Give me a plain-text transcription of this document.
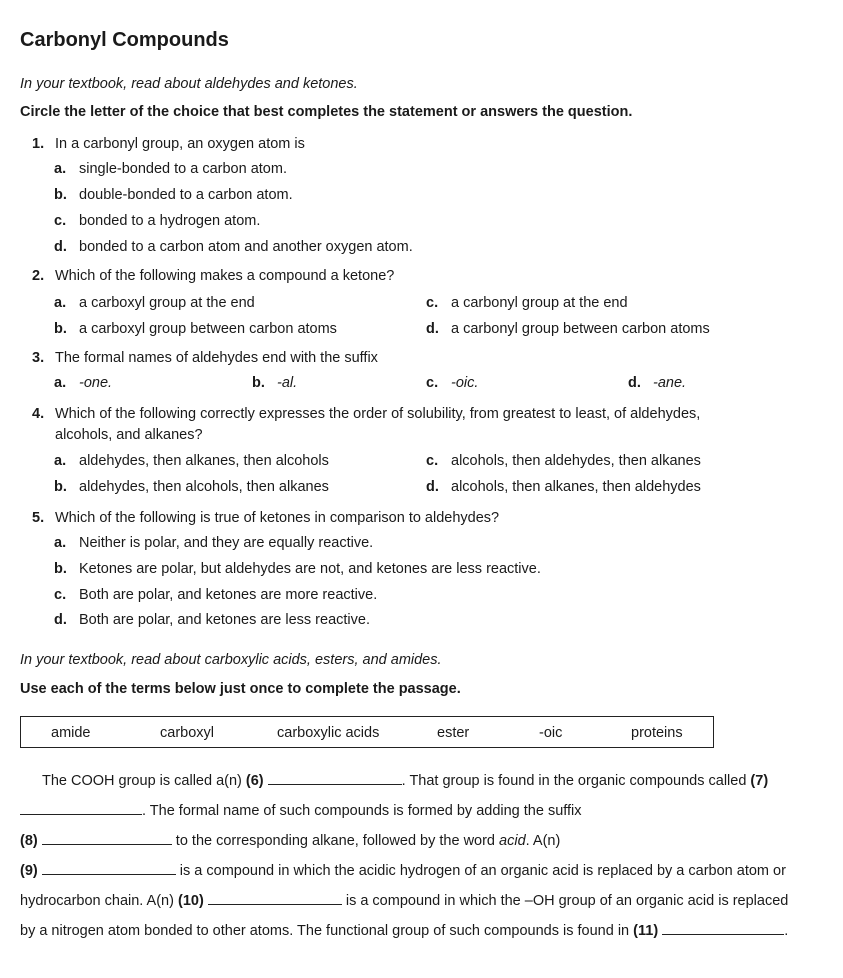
Carbonyl Compounds
In your textbook, read about aldehydes and ketones.
Circle the letter of the choice that best completes the statement or answers the question.
1. In a carbonyl group, an oxygen atom is
a. single-bonded to a carbon atom.
b. double-bonded to a carbon atom.
c. bonded to a hydrogen atom.
d. bonded to a carbon atom and another oxygen atom.
2. Which of the following makes a compound a ketone?
a. a carboxyl group at the end
b. a carboxyl group between carbon atoms
c. a carbonyl group at the end
d. a carbonyl group between carbon atoms
3. The formal names of aldehydes end with the suffix
a. -one.	b. -al.	c. -oic.	d. -ane.
4. Which of the following correctly expresses the order of solubility, from greatest to least, of aldehydes,
alcohols, and alkanes?
a. aldehydes, then alkanes, then alcohols
b. aldehydes, then alcohols, then alkanes
c. alcohols, then aldehydes, then alkanes
d. alcohols, then alkanes, then aldehydes
5. Which of the following is true of ketones in comparison to aldehydes?
a. Neither is polar, and they are equally reactive.
b. Ketones are polar, but aldehydes are not, and ketones are less reactive.
c. Both are polar, and ketones are more reactive.
d. Both are polar, and ketones are less reactive.
In your textbook, read about carboxylic acids, esters, and amides.
Use each of the terms below just once to complete the passage.
amide	carboxyl	carboxylic acids	ester	-oic	proteins
The COOH group is called a(n) (6)	. That group is found in the organic compounds called (7)
. The formal name of such compounds is formed by adding the suffix
(8)	to the corresponding alkane, followed by the word acid. A(n)
(9)	is a compound in which the acidic hydrogen of an organic acid is replaced by a carbon atom or
hydrocarbon chain. A(n) (10)	is a compound in which the –OH group of an organic acid is replaced
by a nitrogen atom bonded to other atoms. The functional group of such compounds is found in (11)	.
